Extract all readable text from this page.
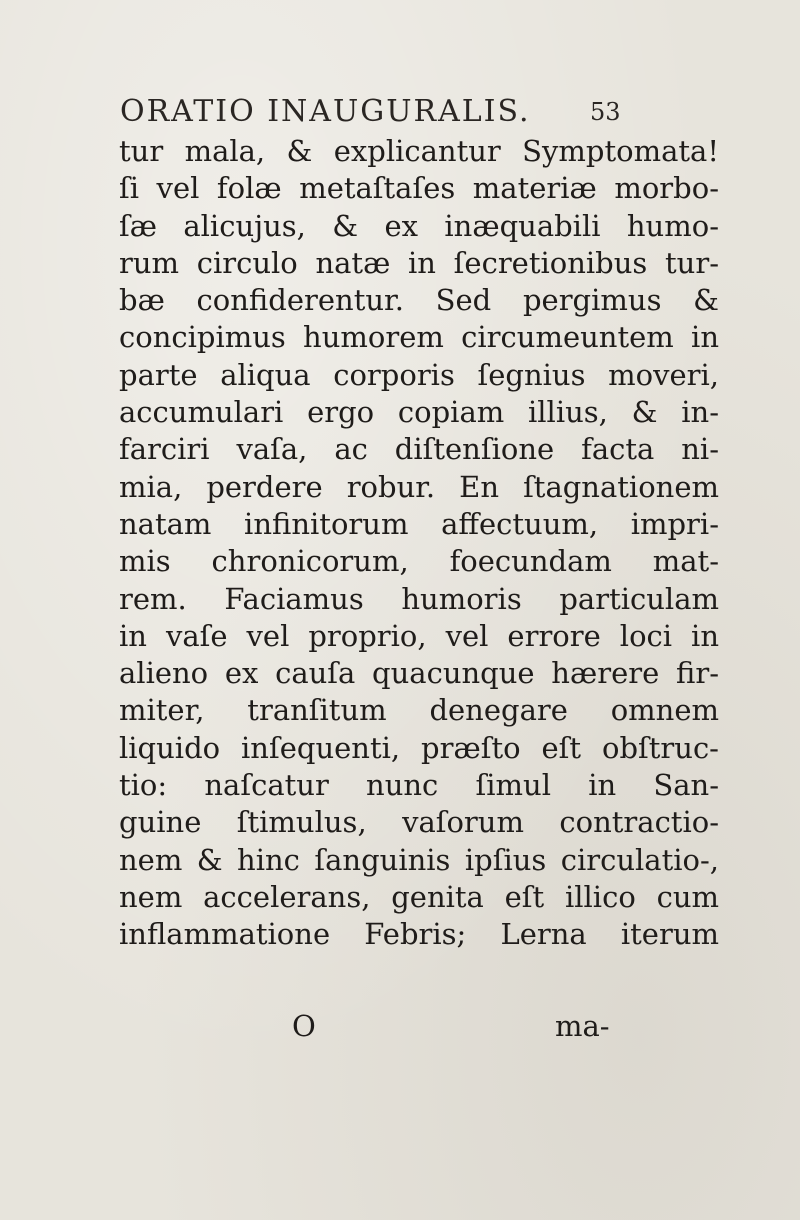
ORATIO INAUGURALIS. 53
tur mala, & explicantur Symptomata!
ſi vel folæ metaſtaſes materiæ morbo-
ſæ alicujus, & ex inæquabili humo-
rum circulo natæ in ſecretionibus tur-
bæ confiderentur. Sed pergimus &
concipimus humorem circumeuntem in
parte aliqua corporis ſegnius moveri,
accumulari ergo copiam illius, & in-
farciri vaſa, ac diſtenſione facta ni-
mia, perdere robur. En ſtagnationem
natam infinitorum affectuum, impri-
mis chronicorum, foecundam mat-
rem. Faciamus humoris particulam
in vaſe vel proprio, vel errore loci in
alieno ex cauſa quacunque hærere fir-
miter, tranſitum denegare omnem
liquido inſequenti, præſto eſt obſtruc-
tio: naſcatur nunc ſimul in San-
guine ſtimulus, vaſorum contractio-
nem & hinc ſanguinis ipſius circulatio-,
nem accelerans, genita eſt illico cum
inflammatione Febris; Lerna iterum
O	ma-
